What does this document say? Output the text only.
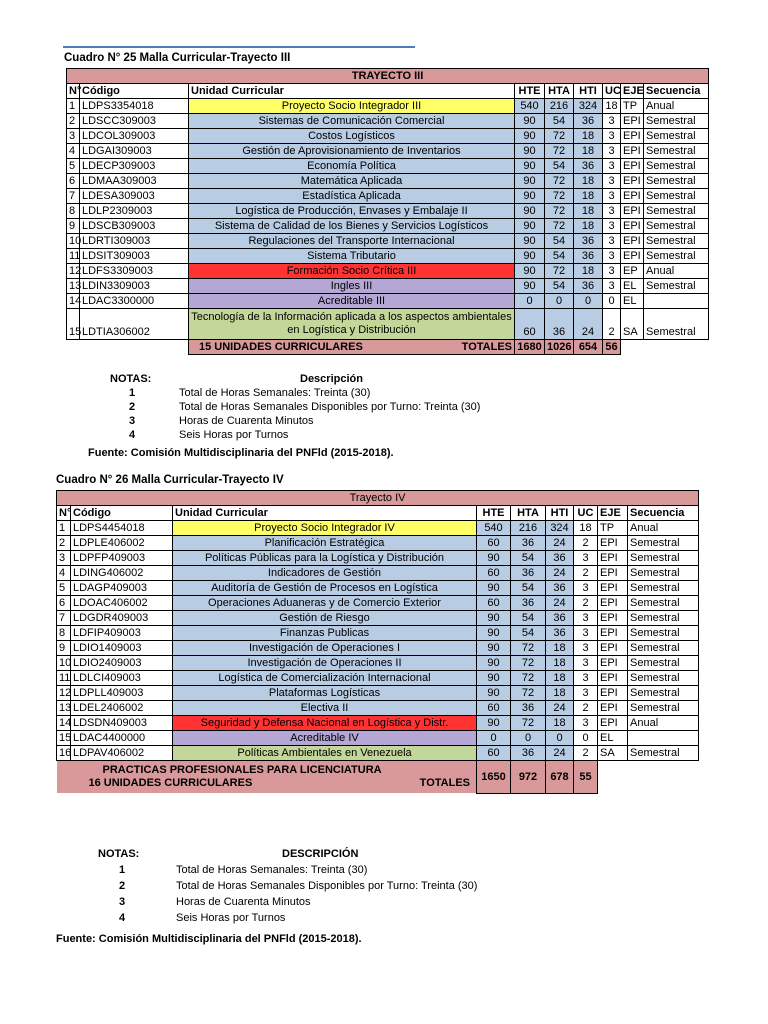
Cuadro N° 25 Malla Curricular-Trayecto III
TRAYECTO III								
N°	Código	Unidad Curricular	HTE	HTA	HTI	UC	EJE	Secuencia
1	LDPS3354018	Proyecto Socio Integrador III	540	216	324	18	TP	Anual
2	LDSCC309003	Sistemas de Comunicación Comercial	90	54	36	3	EPI	Semestral
3	LDCOL309003	Costos Logísticos	90	72	18	3	EPI	Semestral
4	LDGAI309003	Gestión de Aprovisionamiento de Inventarios	90	72	18	3	EPI	Semestral
5	LDECP309003	Economía Política	90	54	36	3	EPI	Semestral
6	LDMAA309003	Matemática Aplicada	90	72	18	3	EPI	Semestral
7	LDESA309003	Estadística Aplicada	90	72	18	3	EPI	Semestral
8	LDLP2309003	Logística de Producción, Envases y Embalaje II	90	72	18	3	EPI	Semestral
9	LDSCB309003	Sistema de Calidad de los Bienes y Servicios Logísticos	90	72	18	3	EPI	Semestral
10	LDRTI309003	Regulaciones del Transporte Internacional	90	54	36	3	EPI	Semestral
11	LDSIT309003	Sistema Tributario	90	54	36	3	EPI	Semestral
12	LDFS3309003	Formación Socio Crítica III	90	72	18	3	EP	Anual
13	LDIN3309003	Ingles III	90	54	36	3	EL	Semestral
14	LDAC3300000	Acreditable III	0	0	0	0	EL	
15	LDTIA306002	Tecnología de la Información aplicada a los aspectos ambientales en Logística y Distribución	60	36	24	2	SA	Semestral
		15 UNIDADES CURRICULARES TOTALES	1680	1026	654	56		
NOTAS:	Descripción
1	Total de Horas Semanales: Treinta (30)
2	Total de Horas Semanales Disponibles por Turno: Treinta (30)
3	Horas de Cuarenta Minutos
4	Seis Horas por Turnos
Fuente: Comisión Multidisciplinaria del PNFld (2015-2018).
Cuadro N° 26 Malla Curricular-Trayecto IV
Trayecto IV								
N°	Código	Unidad Curricular	HTE	HTA	HTI	UC	EJE	Secuencia
1	LDPS4454018	Proyecto Socio Integrador IV	540	216	324	18	TP	Anual
2	LDPLE406002	Planificación Estratégica	60	36	24	2	EPI	Semestral
3	LDPFP409003	Políticas Públicas para la Logística y Distribución	90	54	36	3	EPI	Semestral
4	LDING406002	Indicadores de Gestión	60	36	24	2	EPI	Semestral
5	LDAGP409003	Auditoría de Gestión de Procesos en Logística	90	54	36	3	EPI	Semestral
6	LDOAC406002	Operaciones Aduaneras y de Comercio Exterior	60	36	24	2	EPI	Semestral
7	LDGDR409003	Gestión de Riesgo	90	54	36	3	EPI	Semestral
8	LDFIP409003	Finanzas Publicas	90	54	36	3	EPI	Semestral
9	LDIO1409003	Investigación de Operaciones I	90	72	18	3	EPI	Semestral
10	LDIO2409003	Investigación de Operaciones II	90	72	18	3	EPI	Semestral
11	LDLCI409003	Logística de Comercialización Internacional	90	72	18	3	EPI	Semestral
12	LDPLL409003	Plataformas Logísticas	90	72	18	3	EPI	Semestral
13	LDEL2406002	Electiva II	60	36	24	2	EPI	Semestral
14	LDSDN409003	Seguridad y Defensa Nacional en Logística y Distr.	90	72	18	3	EPI	Anual
15	LDAC4400000	Acreditable IV	0	0	0	0	EL	
16	LDPAV406002	Políticas Ambientales en Venezuela	60	36	24	2	SA	Semestral

	PRACTICAS PROFESIONALES PARA LICENCIATURA
16 UNIDADES CURRICULARES TOTALES		1650	972	678	55		
NOTAS:	DESCRIPCIÓN
1	Total de Horas Semanales: Treinta (30)
2	Total de Horas Semanales Disponibles por Turno: Treinta (30)
3	Horas de Cuarenta Minutos
4	Seis Horas por Turnos
Fuente: Comisión Multidisciplinaria del PNFld (2015-2018).
